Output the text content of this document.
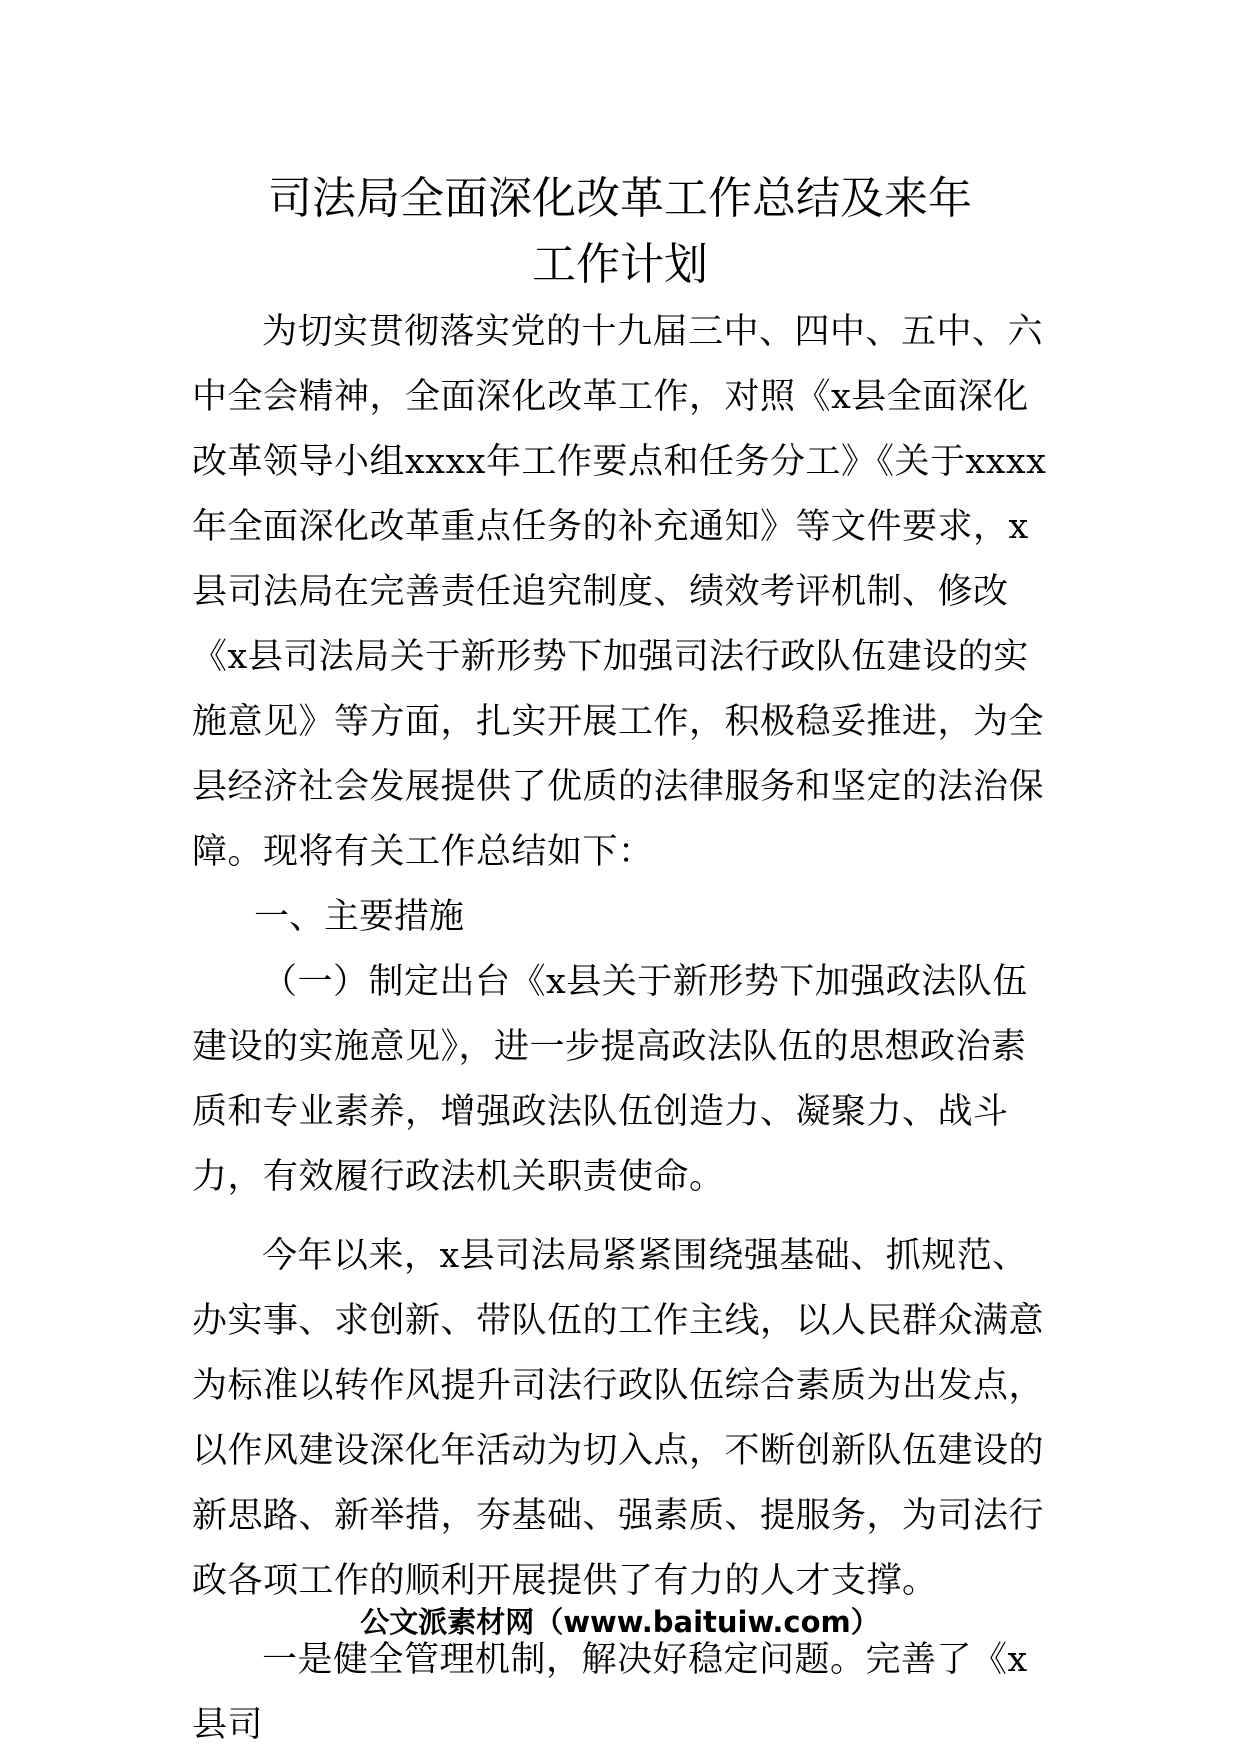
司法局全面深化改革工作总结及来年
工作计划

为切实贯彻落实党的十九届三中、四中、五中、六中全会精神，全面深化改革工作，对照《x县全面深化改革领导小组xxxx年工作要点和任务分工》《关于xxxx年全面深化改革重点任务的补充通知》等文件要求，x县司法局在完善责任追究制度、绩效考评机制、修改《x县司法局关于新形势下加强司法行政队伍建设的实施意见》等方面，扎实开展工作，积极稳妥推进，为全县经济社会发展提供了优质的法律服务和坚定的法治保障。现将有关工作总结如下：

一、主要措施

（一）制定出台《x县关于新形势下加强政法队伍建设的实施意见》，进一步提高政法队伍的思想政治素质和专业素养，增强政法队伍创造力、凝聚力、战斗力，有效履行政法机关职责使命。

今年以来，x县司法局紧紧围绕强基础、抓规范、办实事、求创新、带队伍的工作主线，以人民群众满意为标准以转作风提升司法行政队伍综合素质为出发点，以作风建设深化年活动为切入点，不断创新队伍建设的新思路、新举措，夯基础、强素质、提服务，为司法行政各项工作的顺利开展提供了有力的人才支撑。

一是健全管理机制，解决好稳定问题。完善了《x县司

公文派素材网（www.baituiw.com）
